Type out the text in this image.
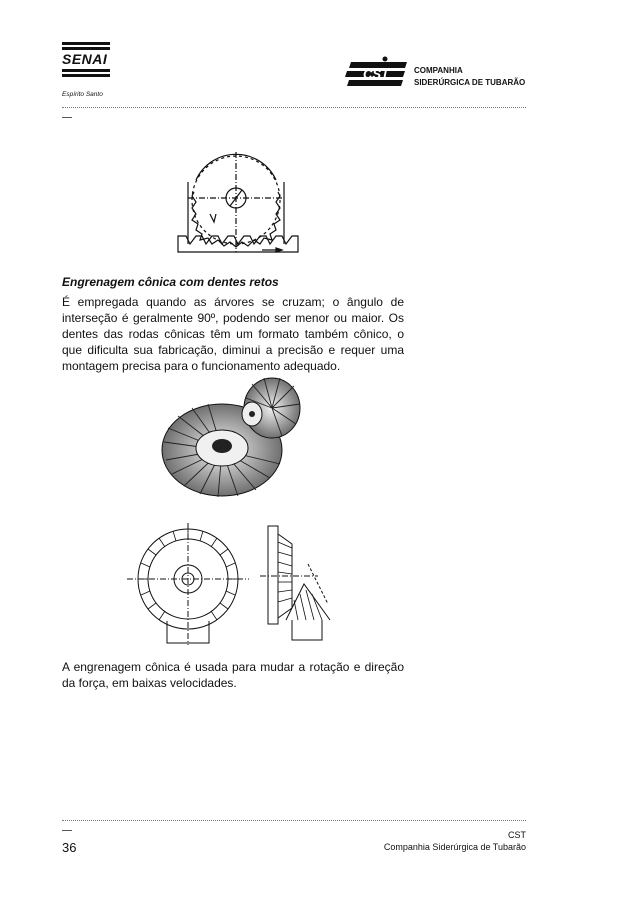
SENAI
Espírito Santo
CST	COMPANHIA
SIDERÚRGICA DE TUBARÃO
Engrenagem cônica com dentes retos
É empregada quando as árvores se cruzam; o ângulo de interseção é geralmente 90º, podendo ser menor ou maior. Os dentes das rodas cônicas têm um formato também cônico, o que dificulta sua fabricação, diminui a precisão e requer uma montagem precisa para o funcionamento adequado.
A engrenagem cônica é usada para mudar a rotação e direção da força, em baixas velocidades.
36
CST
Companhia Siderúrgica de Tubarão
